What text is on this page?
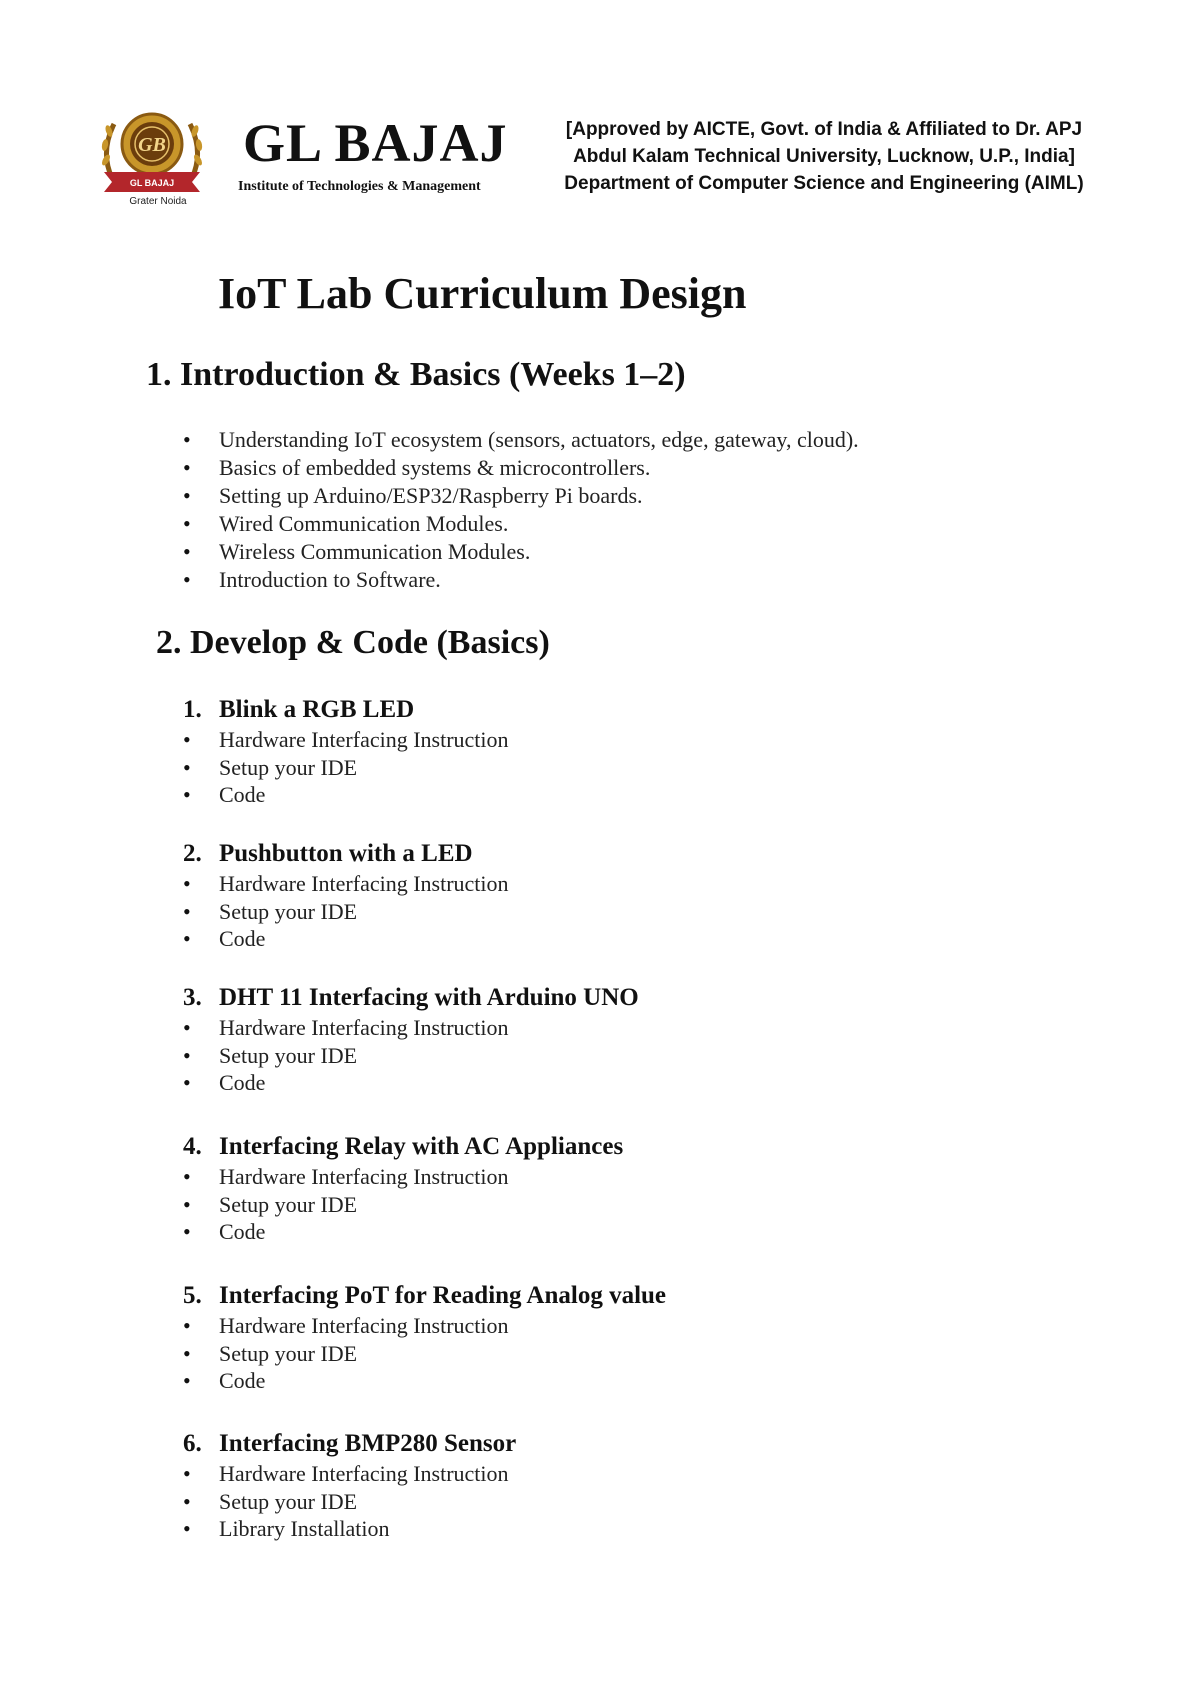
GB
GL BAJAJ
Grater Noida
GL BAJAJ
Institute of Technologies & Management
[Approved by AICTE, Govt. of India & Affiliated to Dr. APJ
Abdul Kalam Technical University, Lucknow, U.P., India]
Department of Computer Science and Engineering (AIML)
IoT Lab Curriculum Design
1. Introduction & Basics (Weeks 1–2)
• Understanding IoT ecosystem (sensors, actuators, edge, gateway, cloud).
• Basics of embedded systems & microcontrollers.
• Setting up Arduino/ESP32/Raspberry Pi boards.
• Wired Communication Modules.
• Wireless Communication Modules.
• Introduction to Software.
2. Develop & Code (Basics)
1. Blink a RGB LED
• Hardware Interfacing Instruction
• Setup your IDE
• Code
2. Pushbutton with a LED
• Hardware Interfacing Instruction
• Setup your IDE
• Code
3. DHT 11 Interfacing with Arduino UNO
• Hardware Interfacing Instruction
• Setup your IDE
• Code
4. Interfacing Relay with AC Appliances
• Hardware Interfacing Instruction
• Setup your IDE
• Code
5. Interfacing PoT for Reading Analog value
• Hardware Interfacing Instruction
• Setup your IDE
• Code
6. Interfacing BMP280 Sensor
• Hardware Interfacing Instruction
• Setup your IDE
• Library Installation
